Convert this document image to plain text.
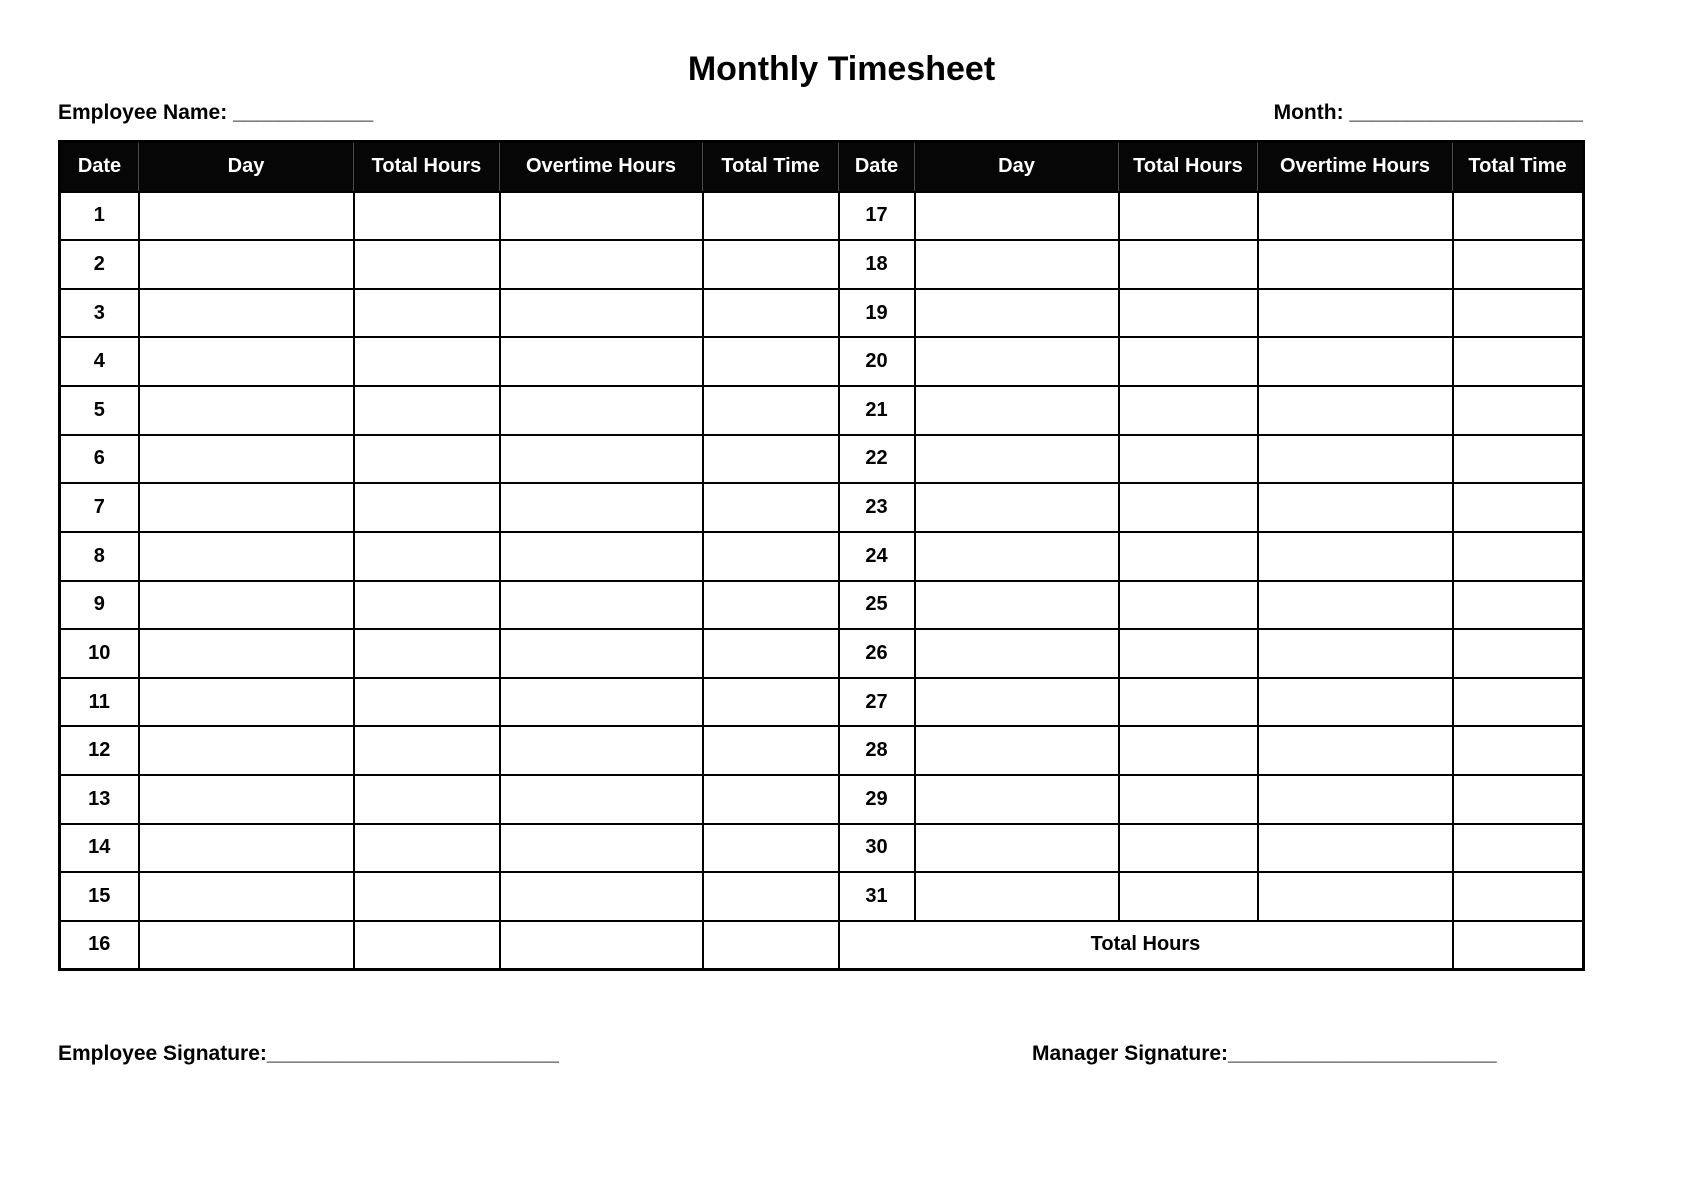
Monthly Timesheet
Employee Name: ____________	Month: ____________________
Date	Day	Total Hours	Overtime Hours	Total Time	Date	Day	Total Hours	Overtime Hours	Total Time
1					17				
2					18				
3					19				
4					20				
5					21				
6					22				
7					23				
8					24				
9					25				
10					26				
11					27				
12					28				
13					29				
14					30				
15					31				
16					Total Hours				
Employee Signature:_________________________	Manager Signature:_______________________
